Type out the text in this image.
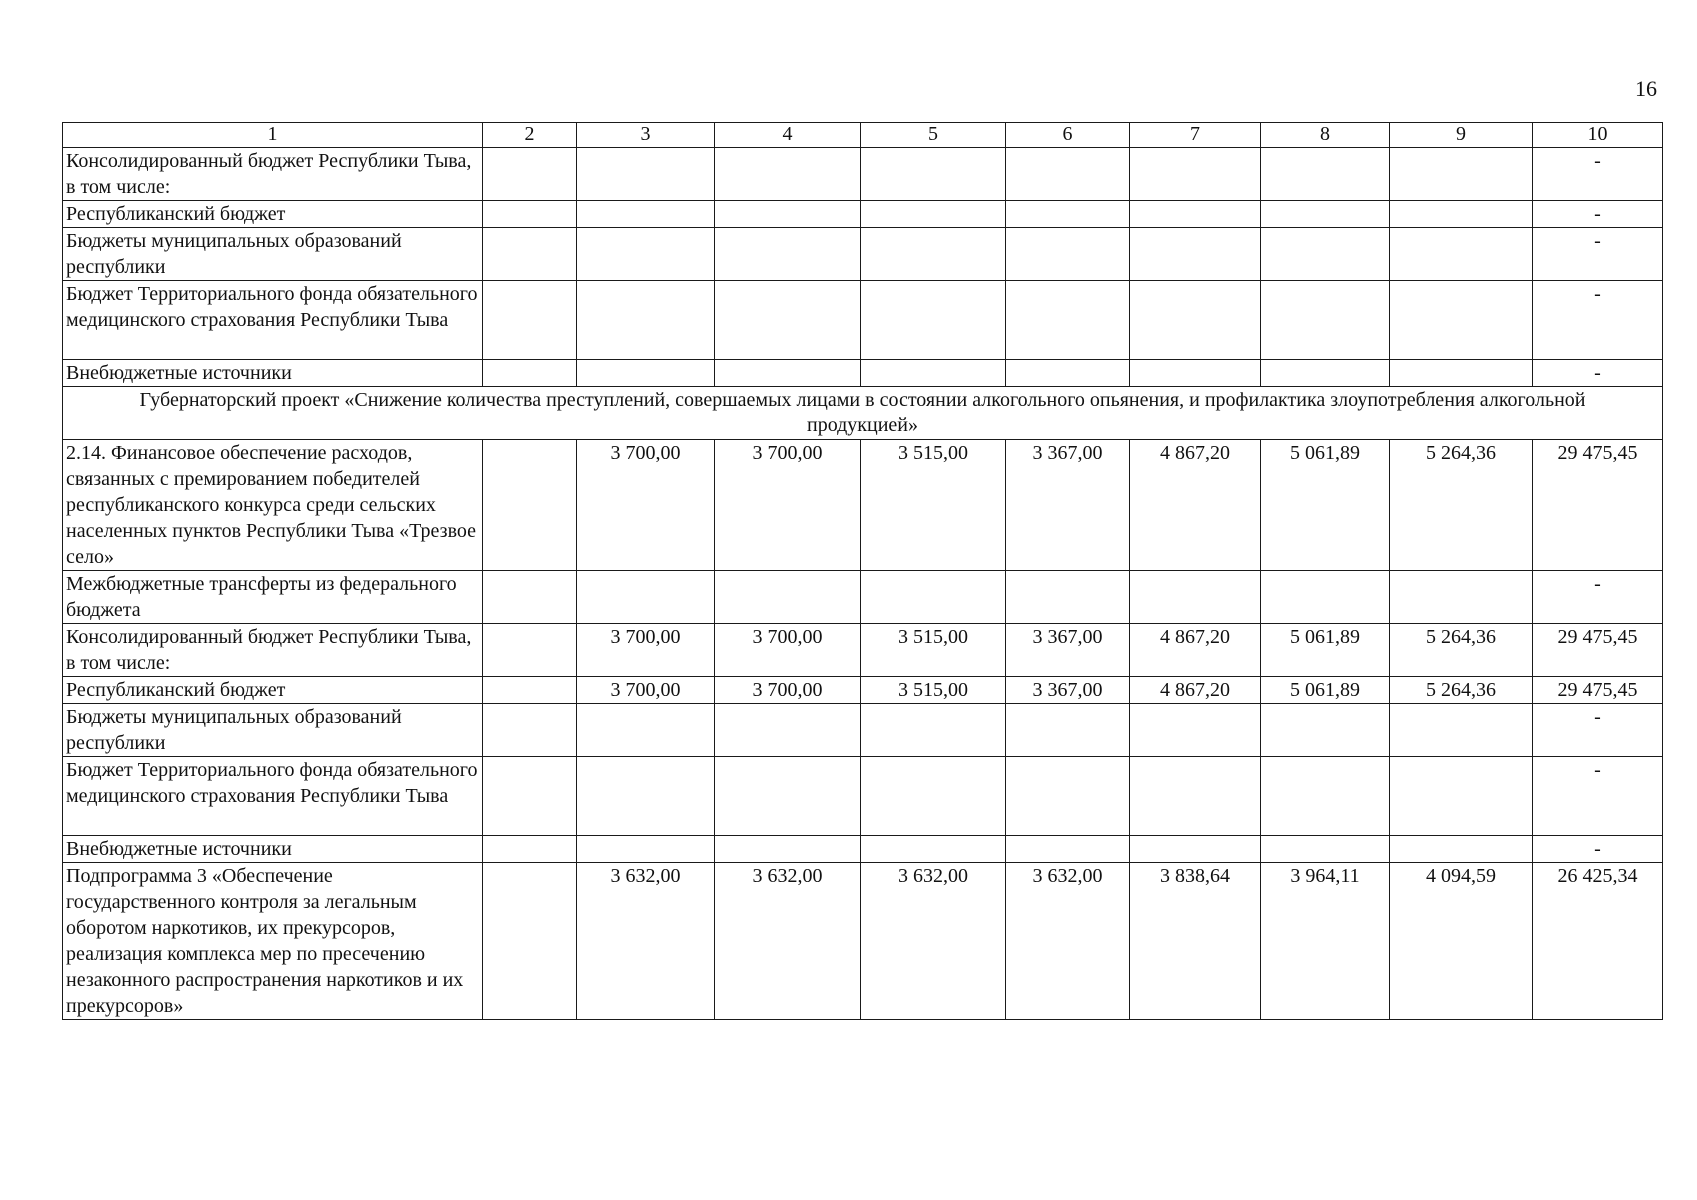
16
1	2	3	4	5	6	7	8	9	10
Консолидированный бюджет Республики Тыва, в том числе:									-
Республиканский бюджет									-
Бюджеты муниципальных образований республики									-
Бюджет Территориального фонда обязательного медицинского страхования Республики Тыва									-
Внебюджетные источники									-
Губернаторский проект «Снижение количества преступлений, совершаемых лицами в состоянии алкогольного опьянения, и профилактика злоупотребления алкогольной продукцией»									
2.14. Финансовое обеспечение расходов, связанных с премированием победителей республиканского конкурса среди сельских населенных пунктов Республики Тыва «Трезвое село»		3 700,00	3 700,00	3 515,00	3 367,00	4 867,20	5 061,89	5 264,36	29 475,45
Межбюджетные трансферты из федерального бюджета									-
Консолидированный бюджет Республики Тыва, в том числе:		3 700,00	3 700,00	3 515,00	3 367,00	4 867,20	5 061,89	5 264,36	29 475,45
Республиканский бюджет		3 700,00	3 700,00	3 515,00	3 367,00	4 867,20	5 061,89	5 264,36	29 475,45
Бюджеты муниципальных образований республики									-
Бюджет Территориального фонда обязательного медицинского страхования Республики Тыва									-
Внебюджетные источники									-
Подпрограмма 3 «Обеспечение государственного контроля за легальным оборотом наркотиков, их прекурсоров, реализация комплекса мер по пресечению незаконного распространения наркотиков и их прекурсоров»		3 632,00	3 632,00	3 632,00	3 632,00	3 838,64	3 964,11	4 094,59	26 425,34
